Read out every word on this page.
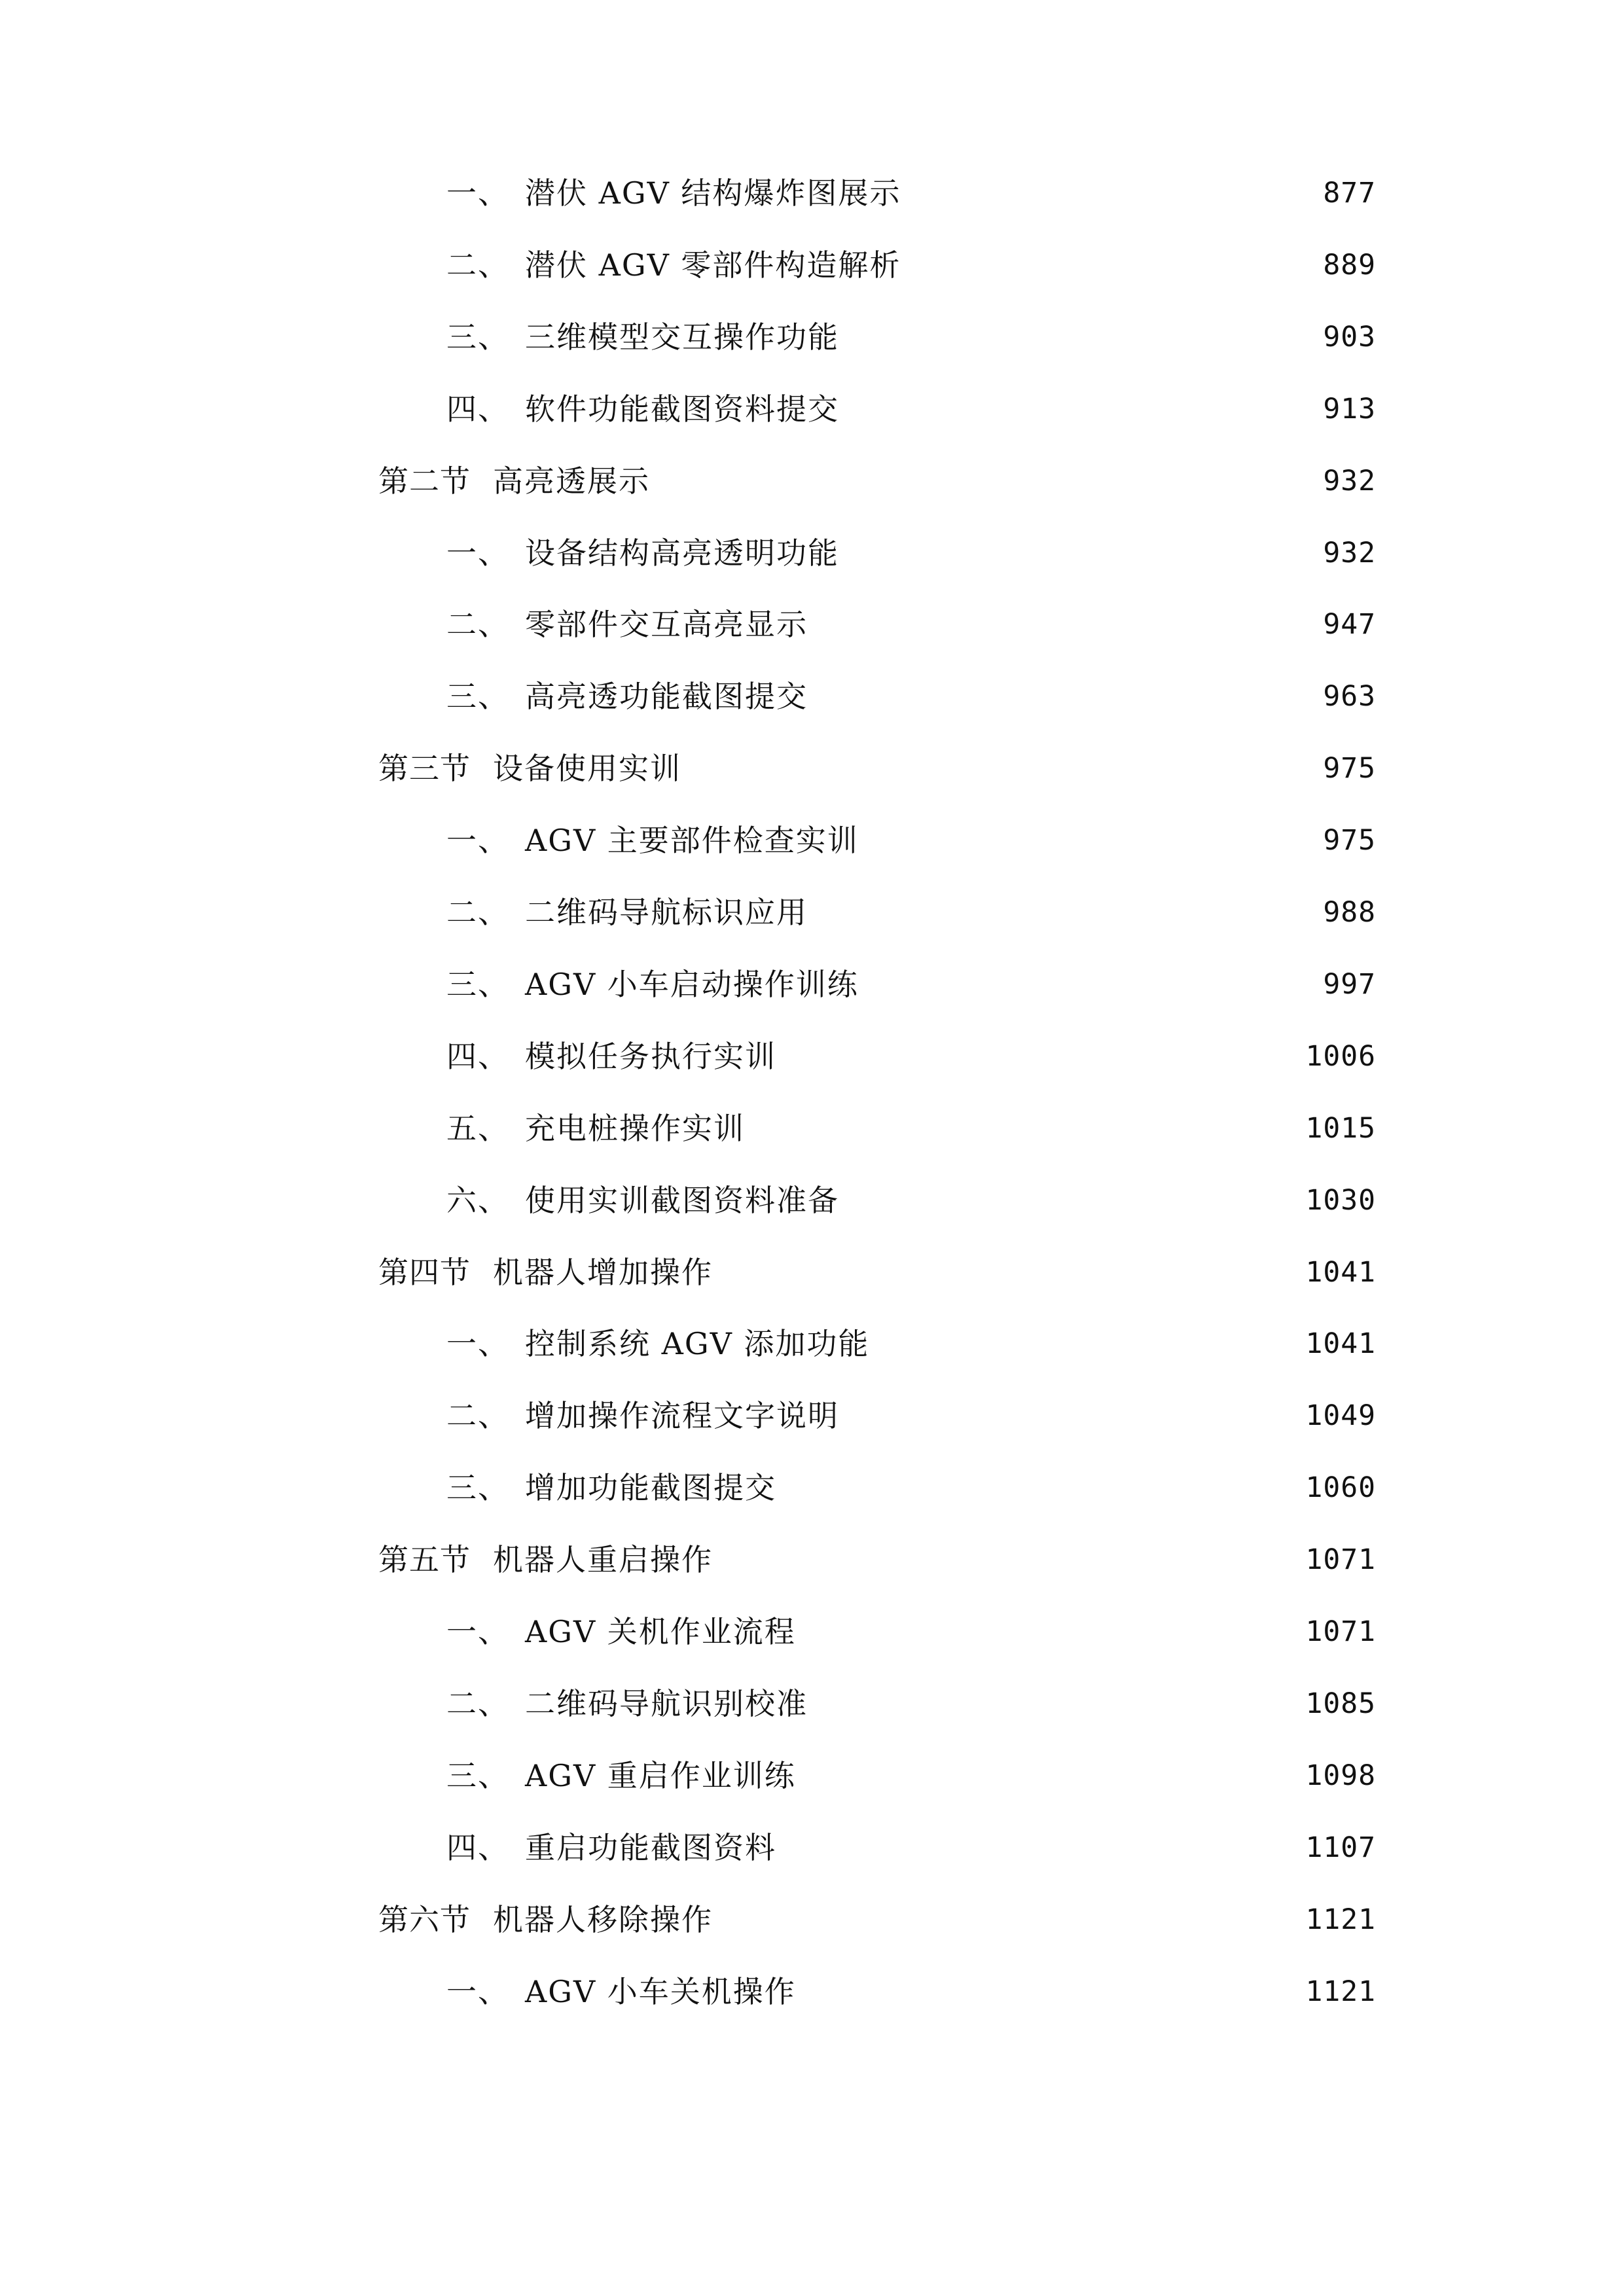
一、 潜伏 AGV 结构爆炸图展示	877
二、 潜伏 AGV 零部件构造解析	889
三、 三维模型交互操作功能	903
四、 软件功能截图资料提交	913
第二节 高亮透展示	932
一、 设备结构高亮透明功能	932
二、 零部件交互高亮显示	947
三、 高亮透功能截图提交	963
第三节 设备使用实训	975
一、 AGV 主要部件检查实训	975
二、 二维码导航标识应用	988
三、 AGV 小车启动操作训练	997
四、 模拟任务执行实训	1006
五、 充电桩操作实训	1015
六、 使用实训截图资料准备	1030
第四节 机器人增加操作	1041
一、 控制系统 AGV 添加功能	1041
二、 增加操作流程文字说明	1049
三、 增加功能截图提交	1060
第五节 机器人重启操作	1071
一、 AGV 关机作业流程	1071
二、 二维码导航识别校准	1085
三、 AGV 重启作业训练	1098
四、 重启功能截图资料	1107
第六节 机器人移除操作	1121
一、 AGV 小车关机操作	1121
